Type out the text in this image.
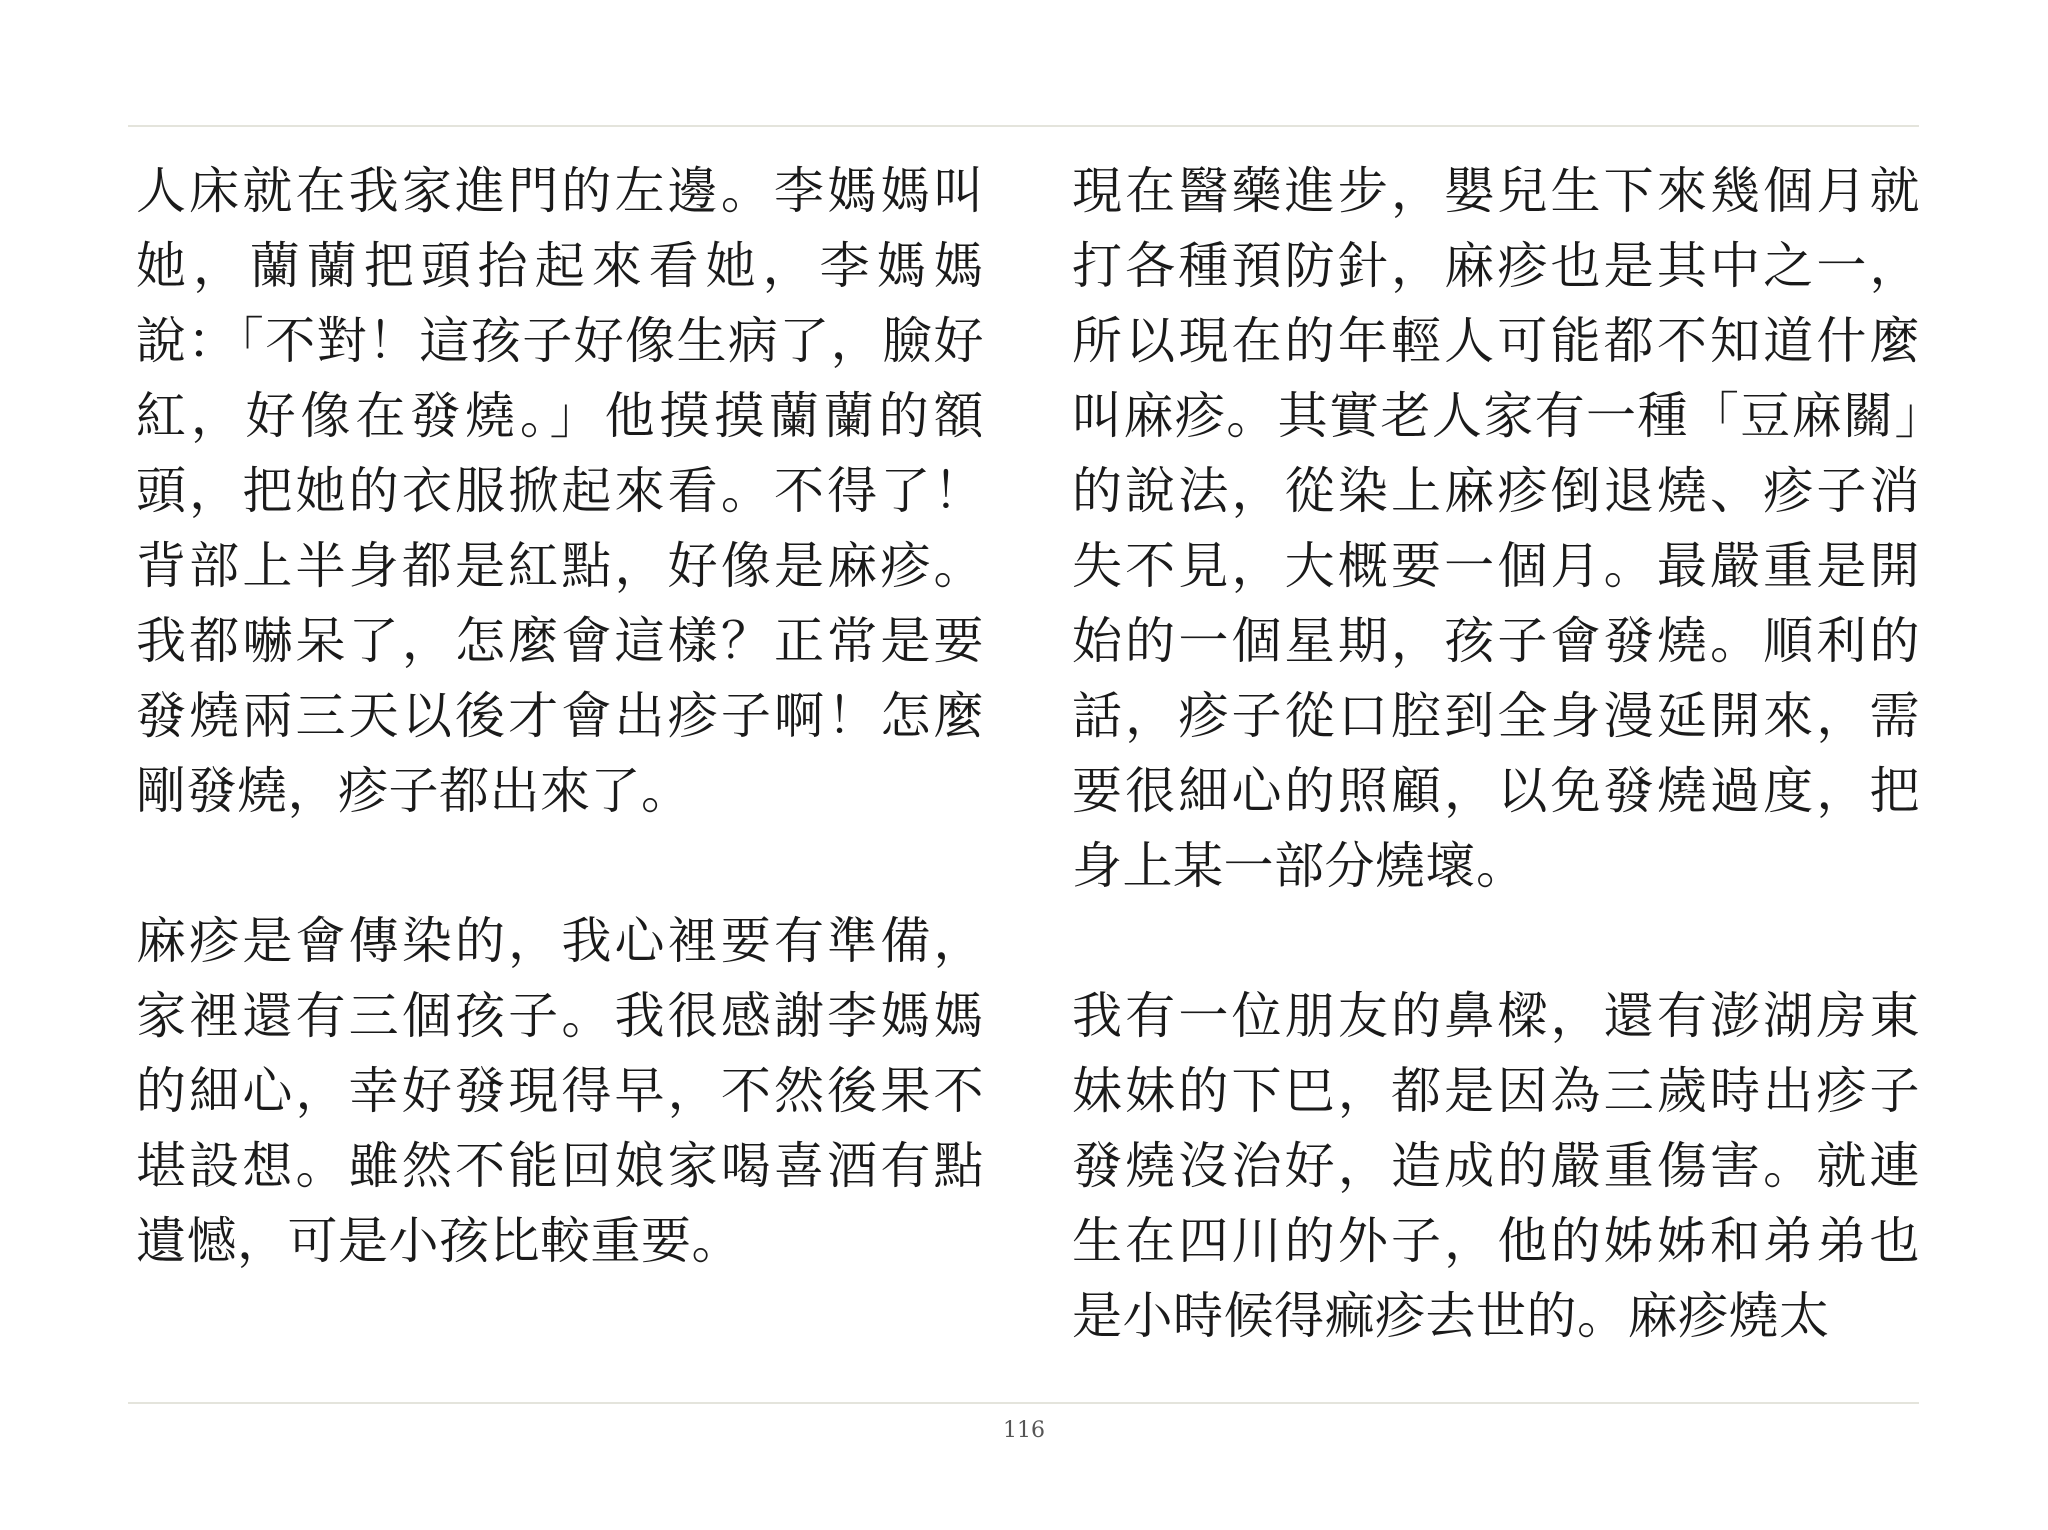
人床就在我家進門的左邊。李媽媽叫她，蘭蘭把頭抬起來看她，李媽媽說：「不對！這孩子好像生病了，臉好紅，好像在發燒。」他摸摸蘭蘭的額頭，把她的衣服掀起來看。不得了！背部上半身都是紅點，好像是麻疹。我都嚇呆了，怎麼會這樣？正常是要發燒兩三天以後才會出疹子啊！怎麼剛發燒，疹子都出來了。

麻疹是會傳染的，我心裡要有準備，家裡還有三個孩子。我很感謝李媽媽的細心，幸好發現得早，不然後果不堪設想。雖然不能回娘家喝喜酒有點遺憾，可是小孩比較重要。

現在醫藥進步，嬰兒生下來幾個月就打各種預防針，麻疹也是其中之一，所以現在的年輕人可能都不知道什麼叫麻疹。其實老人家有一種「豆麻關」的說法，從染上麻疹倒退燒、疹子消失不見，大概要一個月。最嚴重是開始的一個星期，孩子會發燒。順利的話，疹子從口腔到全身漫延開來，需要很細心的照顧，以免發燒過度，把身上某一部分燒壞。

我有一位朋友的鼻樑，還有澎湖房東妹妹的下巴，都是因為三歲時出疹子發燒沒治好，造成的嚴重傷害。就連生在四川的外子，他的姊姊和弟弟也是小時候得痲疹去世的。麻疹燒太

116
